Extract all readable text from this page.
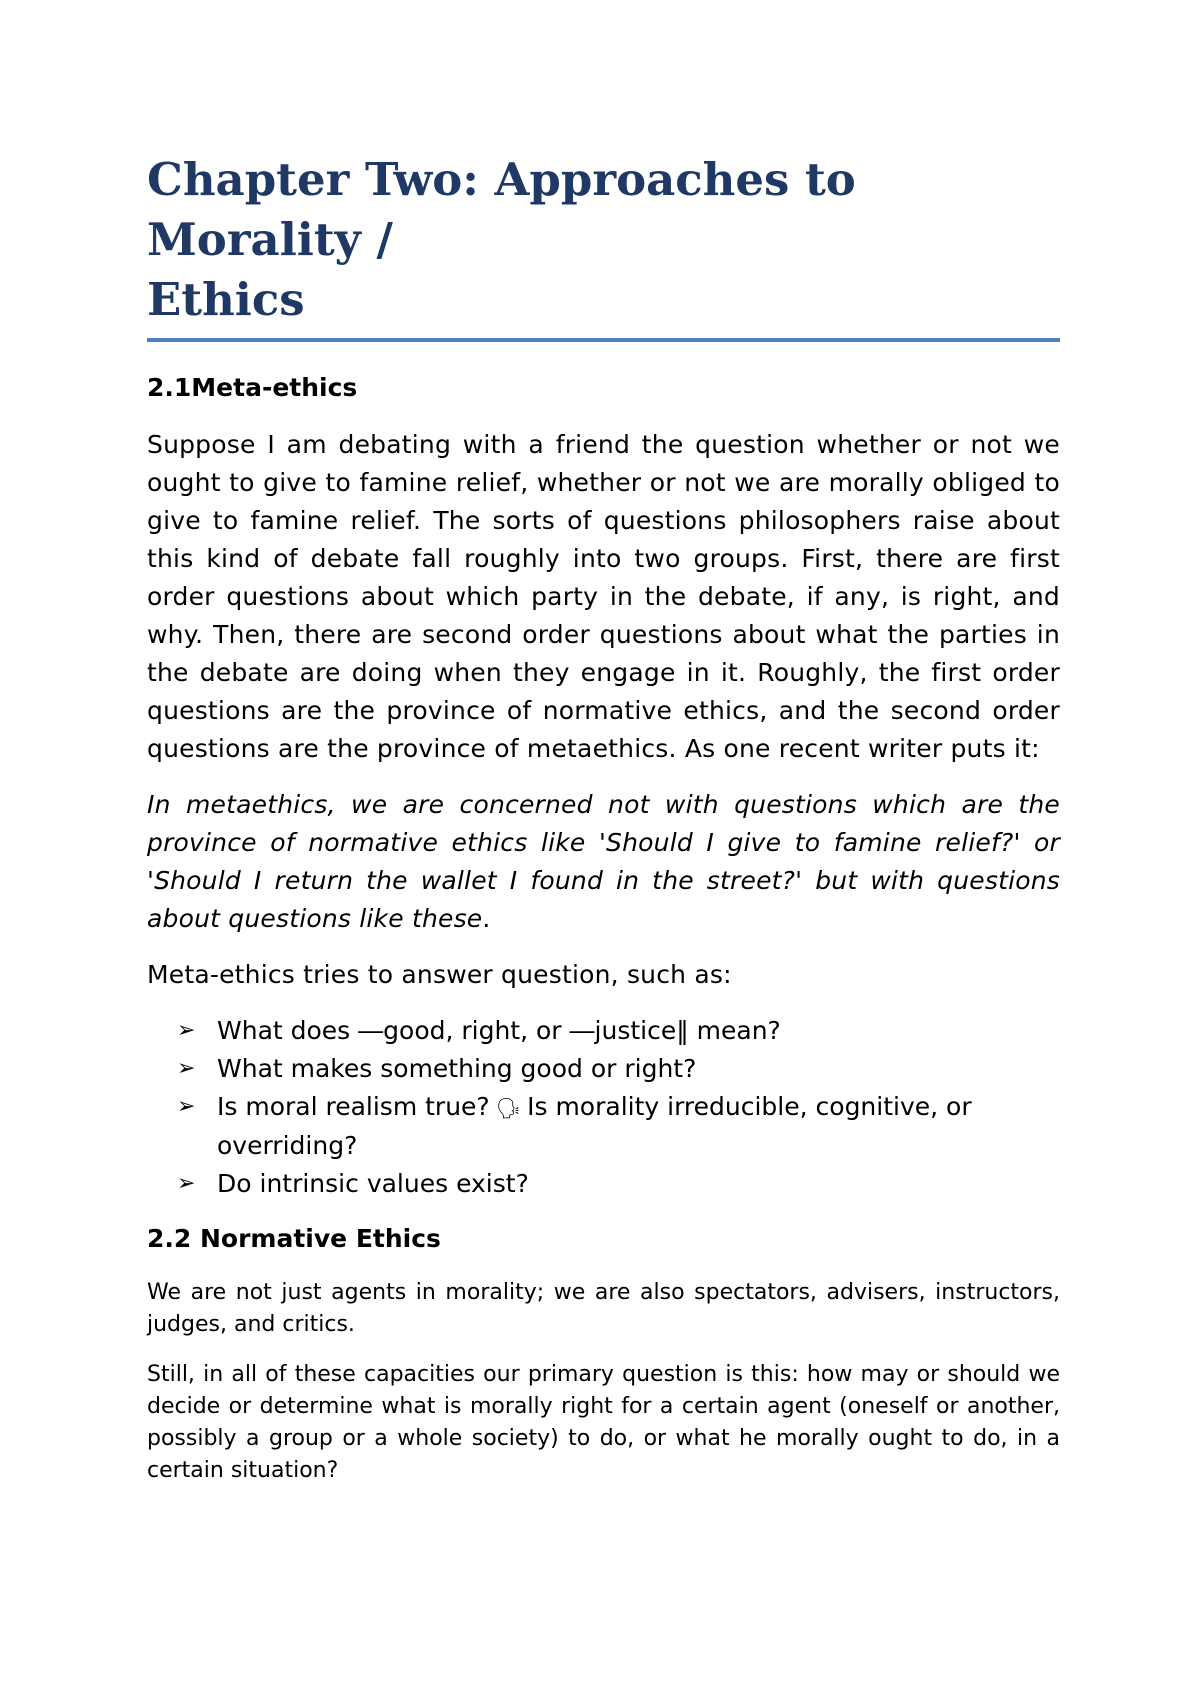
Chapter Two: Approaches to Morality /
Ethics
2.1Meta-ethics

Suppose I am debating with a friend the question whether or not we ought to give to famine relief, whether or not we are morally obliged to give to famine relief. The sorts of questions philosophers raise about this kind of debate fall roughly into two groups. First, there are first order questions about which party in the debate, if any, is right, and why. Then, there are second order questions about what the parties in the debate are doing when they engage in it. Roughly, the first order questions are the province of normative ethics, and the second order questions are the province of metaethics. As one recent writer puts it:

In metaethics, we are concerned not with questions which are the province of normative ethics like 'Should I give to famine relief?' or 'Should I return the wallet I found in the street?' but with questions about questions like these.

Meta-ethics tries to answer question, such as:

➢ What does ―good, right, or ―justice‖ mean?
➢ What makes something good or right?
➢ Is moral realism true? 🗣 Is morality irreducible, cognitive, or overriding?
➢ Do intrinsic values exist?
2.2 Normative Ethics

We are not just agents in morality; we are also spectators, advisers, instructors, judges, and critics.

Still, in all of these capacities our primary question is this: how may or should we decide or determine what is morally right for a certain agent (oneself or another, possibly a group or a whole society) to do, or what he morally ought to do, in a certain situation?
